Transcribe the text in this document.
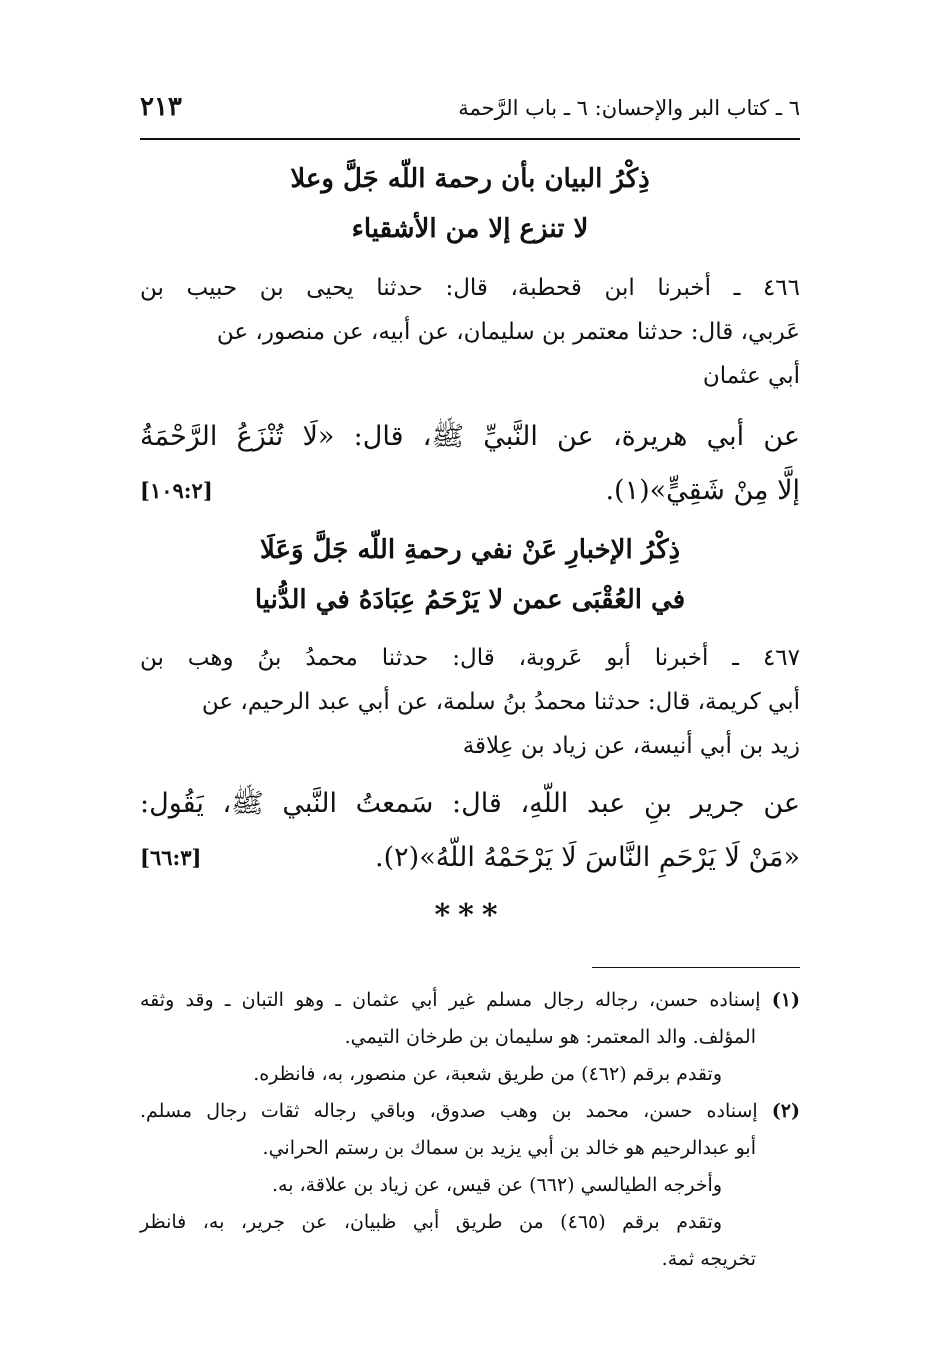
٦ ـ كتاب البر والإحسان: ٦ ـ باب الرَّحمة
٢١٣
ذِكْرُ البيان بأن رحمة اللّه جَلَّ وعلا
لا تنزع إلا من الأشقياء
٤٦٦ ـ أخبرنا ابن قحطبة، قال: حدثنا يحيى بن حبيب بن
عَربي، قال: حدثنا معتمر بن سليمان، عن أبيه، عن منصور، عن
أبي عثمان
عن أبي هريرة، عن النَّبيِّ ﷺ، قال: «لَا تُنْزَعُ الرَّحْمَةُ
إلَّا مِنْ شَقِيٍّ»(١).
[١٠٩:٢]
ذِكْرُ الإخبارِ عَنْ نفي رحمةِ اللّه جَلَّ وَعَلَا
في العُقْبَى عمن لا يَرْحَمُ عِبَادَهُ في الدُّنيا
٤٦٧ ـ أخبرنا أبو عَروبة، قال: حدثنا محمدُ بنُ وهب بن
أبي كريمة، قال: حدثنا محمدُ بنُ سلمة، عن أبي عبد الرحيم، عن
زيد بن أبي أنيسة، عن زياد بن عِلاقة
عن جرير بنِ عبد اللّهِ، قال: سَمعتُ النَّبي ﷺ، يَقُول:
«مَنْ لَا يَرْحَمِ النَّاسَ لَا يَرْحَمْهُ اللّهُ»(٢).
[٦٦:٣]
***
(١) إسناده حسن، رجاله رجال مسلم غير أبي عثمان ـ وهو التبان ـ وقد وثقه
المؤلف. والد المعتمر: هو سليمان بن طرخان التيمي.
وتقدم برقم (٤٦٢) من طريق شعبة، عن منصور، به، فانظره.
(٢) إسناده حسن، محمد بن وهب صدوق، وباقي رجاله ثقات رجال مسلم.
أبو عبدالرحيم هو خالد بن أبي يزيد بن سماك بن رستم الحراني.
وأخرجه الطيالسي (٦٦٢) عن قيس، عن زياد بن علاقة، به.
وتقدم برقم (٤٦٥) من طريق أبي ظبيان، عن جرير، به، فانظر
تخريجه ثمة.
